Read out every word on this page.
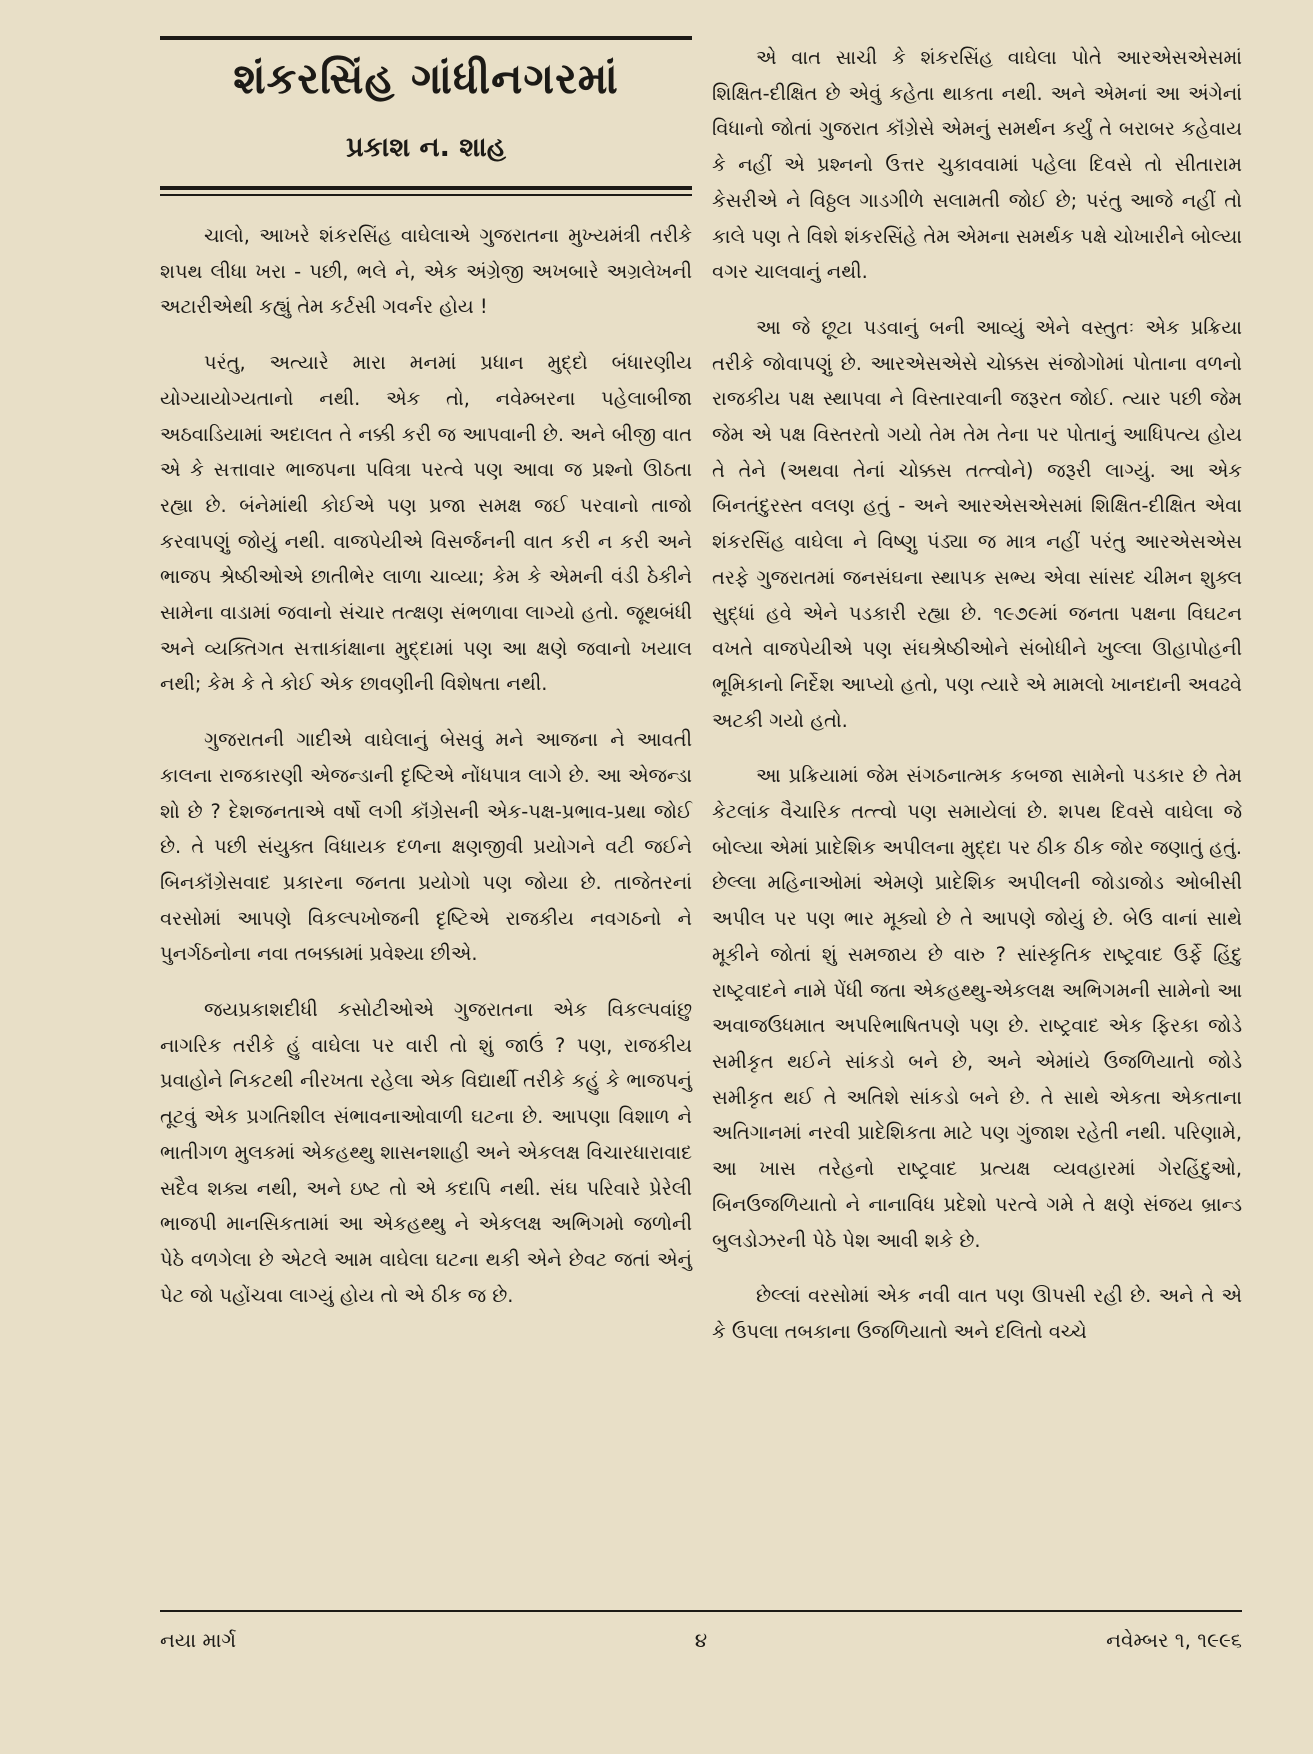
શંકરસિંહ ગાંધીનગરમાં
પ્રકાશ ન. શાહ

ચાલો, આખરે શંકરસિંહ વાઘેલાએ ગુજરાતના મુખ્યમંત્રી તરીકે શપથ લીધા ખરા - પછી, ભલે ને, એક અંગ્રેજી અખબારે અગ્રલેખની અટારીએથી કહ્યું તેમ કર્ટસી ગવર્નર હોય !

પરંતુ, અત્યારે મારા મનમાં પ્રધાન મુદ્દો બંધારણીય યોગ્યાયોગ્યતાનો નથી. એક તો, નવેમ્બરના પહેલાબીજા અઠવાડિયામાં અદાલત તે નક્કી કરી જ આપવાની છે. અને બીજી વાત એ કે સત્તાવાર ભાજપના પવિત્રા પરત્વે પણ આવા જ પ્રશ્નો ઊઠતા રહ્યા છે. બંનેમાંથી કોઈએ પણ પ્રજા સમક્ષ જઈ પરવાનો તાજો કરવાપણું જોયું નથી. વાજપેયીએ વિસર્જનની વાત કરી ન કરી અને ભાજપ શ્રેષ્ઠીઓએ છાતીભેર લાળા ચાવ્યા; કેમ કે એમની વંડી ઠેકીને સામેના વાડામાં જવાનો સંચાર તત્ક્ષણ સંભળાવા લાગ્યો હતો. જૂથબંધી અને વ્યક્તિગત સત્તાકાંક્ષાના મુદ્દામાં પણ આ ક્ષણે જવાનો ખયાલ નથી; કેમ કે તે કોઈ એક છાવણીની વિશેષતા નથી.

ગુજરાતની ગાદીએ વાઘેલાનું બેસવું મને આજના ને આવતી કાલના રાજકારણી એજન્ડાની દૃષ્ટિએ નોંધપાત્ર લાગે છે. આ એજન્ડા શો છે ? દેશજનતાએ વર્ષો લગી કૉંગ્રેસની એક-પક્ષ-પ્રભાવ-પ્રથા જોઈ છે. તે પછી સંયુક્ત વિધાયક દળના ક્ષણજીવી પ્રયોગને વટી જઈને બિનકૉંગ્રેસવાદ પ્રકારના જનતા પ્રયોગો પણ જોયા છે. તાજેતરનાં વરસોમાં આપણે વિકલ્પખોજની દૃષ્ટિએ રાજકીય નવગઠનો ને પુનર્ગઠનોના નવા તબક્કામાં પ્રવેશ્યા છીએ.

જયપ્રકાશદીધી કસોટીઓએ ગુજરાતના એક વિકલ્પવાંછુ નાગરિક તરીકે હું વાઘેલા પર વારી તો શું જાઉં ? પણ, રાજકીય પ્રવાહોને નિકટથી નીરખતા રહેલા એક વિદ્યાર્થી તરીકે કહું કે ભાજપનું તૂટવું એક પ્રગતિશીલ સંભાવનાઓવાળી ઘટના છે. આપણા વિશાળ ને ભાતીગળ મુલકમાં એકહથ્થુ શાસનશાહી અને એકલક્ષ વિચારધારાવાદ સદૈવ શક્ય નથી, અને ઇષ્ટ તો એ કદાપિ નથી. સંઘ પરિવારે પ્રેરેલી ભાજપી માનસિકતામાં આ એકહથ્થુ ને એકલક્ષ અભિગમો જળોની પેઠે વળગેલા છે એટલે આમ વાઘેલા ઘટના થકી એને છેવટ જતાં એનું પેટ જો પહોંચવા લાગ્યું હોય તો એ ઠીક જ છે.

એ વાત સાચી કે શંકરસિંહ વાઘેલા પોતે આરએસએસમાં શિક્ષિત-દીક્ષિત છે એવું કહેતા થાકતા નથી. અને એમનાં આ અંગેનાં વિધાનો જોતાં ગુજરાત કૉંગ્રેસે એમનું સમર્થન કર્યું તે બરાબર કહેવાય કે નહીં એ પ્રશ્નનો ઉત્તર ચુકાવવામાં પહેલા દિવસે તો સીતારામ કેસરીએ ને વિઠ્ઠલ ગાડગીળે સલામતી જોઈ છે; પરંતુ આજે નહીં તો કાલે પણ તે વિશે શંકરસિંહે તેમ એમના સમર્થક પક્ષે ચોખારીને બોલ્યા વગર ચાલવાનું નથી.

આ જે છૂટા પડવાનું બની આવ્યું એને વસ્તુતઃ એક પ્રક્રિયા તરીકે જોવાપણું છે. આરએસએસે ચોક્કસ સંજોગોમાં પોતાના વળનો રાજકીય પક્ષ સ્થાપવા ને વિસ્તારવાની જરૂરત જોઈ. ત્યાર પછી જેમ જેમ એ પક્ષ વિસ્તરતો ગયો તેમ તેમ તેના પર પોતાનું આધિપત્ય હોય તે તેને (અથવા તેનાં ચોક્કસ તત્ત્વોને) જરૂરી લાગ્યું. આ એક બિનતંદુરસ્ત વલણ હતું - અને આરએસએસમાં શિક્ષિત-દીક્ષિત એવા શંકરસિંહ વાઘેલા ને વિષ્ણુ પંડ્યા જ માત્ર નહીં પરંતુ આરએસએસ તરફે ગુજરાતમાં જનસંઘના સ્થાપક સભ્ય એવા સાંસદ ચીમન શુક્લ સુદ્ધાં હવે એને પડકારી રહ્યા છે. ૧૯૭૯માં જનતા પક્ષના વિઘટન વખતે વાજપેયીએ પણ સંઘશ્રેષ્ઠીઓને સંબોધીને ખુલ્લા ઊહાપોહની ભૂમિકાનો નિર્દેશ આપ્યો હતો, પણ ત્યારે એ મામલો ખાનદાની અવઢવે અટકી ગયો હતો.

આ પ્રક્રિયામાં જેમ સંગઠનાત્મક કબજા સામેનો પડકાર છે તેમ કેટલાંક વૈચારિક તત્ત્વો પણ સમાયેલાં છે. શપથ દિવસે વાઘેલા જે બોલ્યા એમાં પ્રાદેશિક અપીલના મુદ્દા પર ઠીક ઠીક જોર જણાતું હતું. છેલ્લા મહિનાઓમાં એમણે પ્રાદેશિક અપીલની જોડાજોડ ઓબીસી અપીલ પર પણ ભાર મૂક્યો છે તે આપણે જોયું છે. બેઉ વાનાં સાથે મૂકીને જોતાં શું સમજાય છે વારુ ? સાંસ્કૃતિક રાષ્ટ્રવાદ ઉર્ફે હિંદુ રાષ્ટ્રવાદને નામે પેંધી જતા એકહથ્થુ-એકલક્ષ અભિગમની સામેનો આ અવાજઉધમાત અપરિભાષિતપણે પણ છે. રાષ્ટ્રવાદ એક ફિરકા જોડે સમીકૃત થઈને સાંકડો બને છે, અને એમાંયે ઉજળિયાતો જોડે સમીકૃત થઈ તે અતિશે સાંકડો બને છે. તે સાથે એકતા એકતાના અતિગાનમાં નરવી પ્રાદેશિકતા માટે પણ ગુંજાશ રહેતી નથી. પરિણામે, આ ખાસ તરેહનો રાષ્ટ્રવાદ પ્રત્યક્ષ વ્યવહારમાં ગેરહિંદુઓ, બિનઉજળિયાતો ને નાનાવિધ પ્રદેશો પરત્વે ગમે તે ક્ષણે સંજય બ્રાન્ડ બુલડોઝરની પેઠે પેશ આવી શકે છે.

છેલ્લાં વરસોમાં એક નવી વાત પણ ઊપસી રહી છે. અને તે એ કે ઉપલા તબકાના ઉજળિયાતો અને દલિતો વચ્ચે

નયા માર્ગ	૪	નવેમ્બર ૧, ૧૯૯૬
